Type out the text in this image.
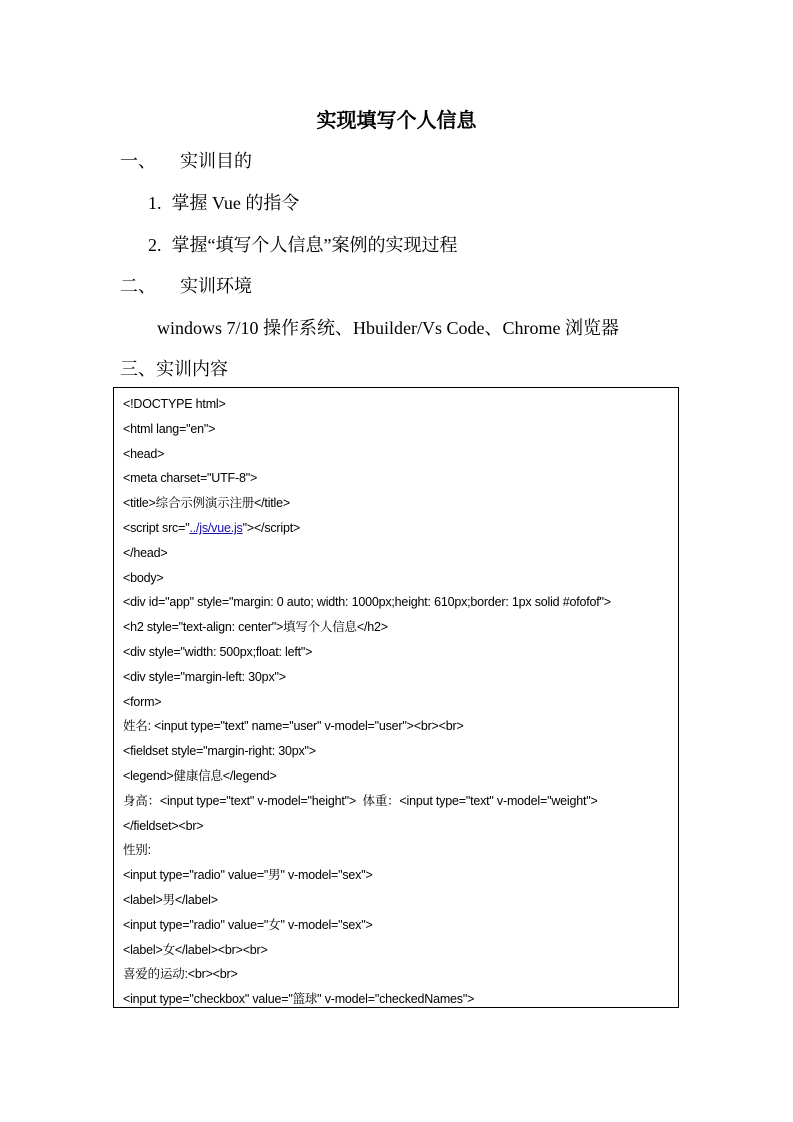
实现填写个人信息
一、 实训目的
1. 掌握 Vue 的指令
2. 掌握“填写个人信息”案例的实现过程
二、 实训环境
windows 7/10 操作系统、Hbuilder/Vs Code、Chrome 浏览器
三、实训内容
<!DOCTYPE html>
<html lang="en">
<head>
<meta charset="UTF-8">
<title>综合示例演示注册</title>
<script src="../js/vue.js"></script>
</head>
<body>
<div id="app" style="margin: 0 auto; width: 1000px;height: 610px;border: 1px solid #ofofof">
<h2 style="text-align: center">填写个人信息</h2>
<div style="width: 500px;float: left">
<div style="margin-left: 30px">
<form>
姓名: <input type="text" name="user" v-model="user"><br><br>
<fieldset style="margin-right: 30px">
<legend>健康信息</legend>
身高：<input type="text" v-model="height">  体重：<input type="text" v-model="weight">
</fieldset><br>
性别:
<input type="radio" value="男" v-model="sex">
<label>男</label>
<input type="radio" value="女" v-model="sex">
<label>女</label><br><br>
喜爱的运动:<br><br>
<input type="checkbox" value="篮球" v-model="checkedNames">
